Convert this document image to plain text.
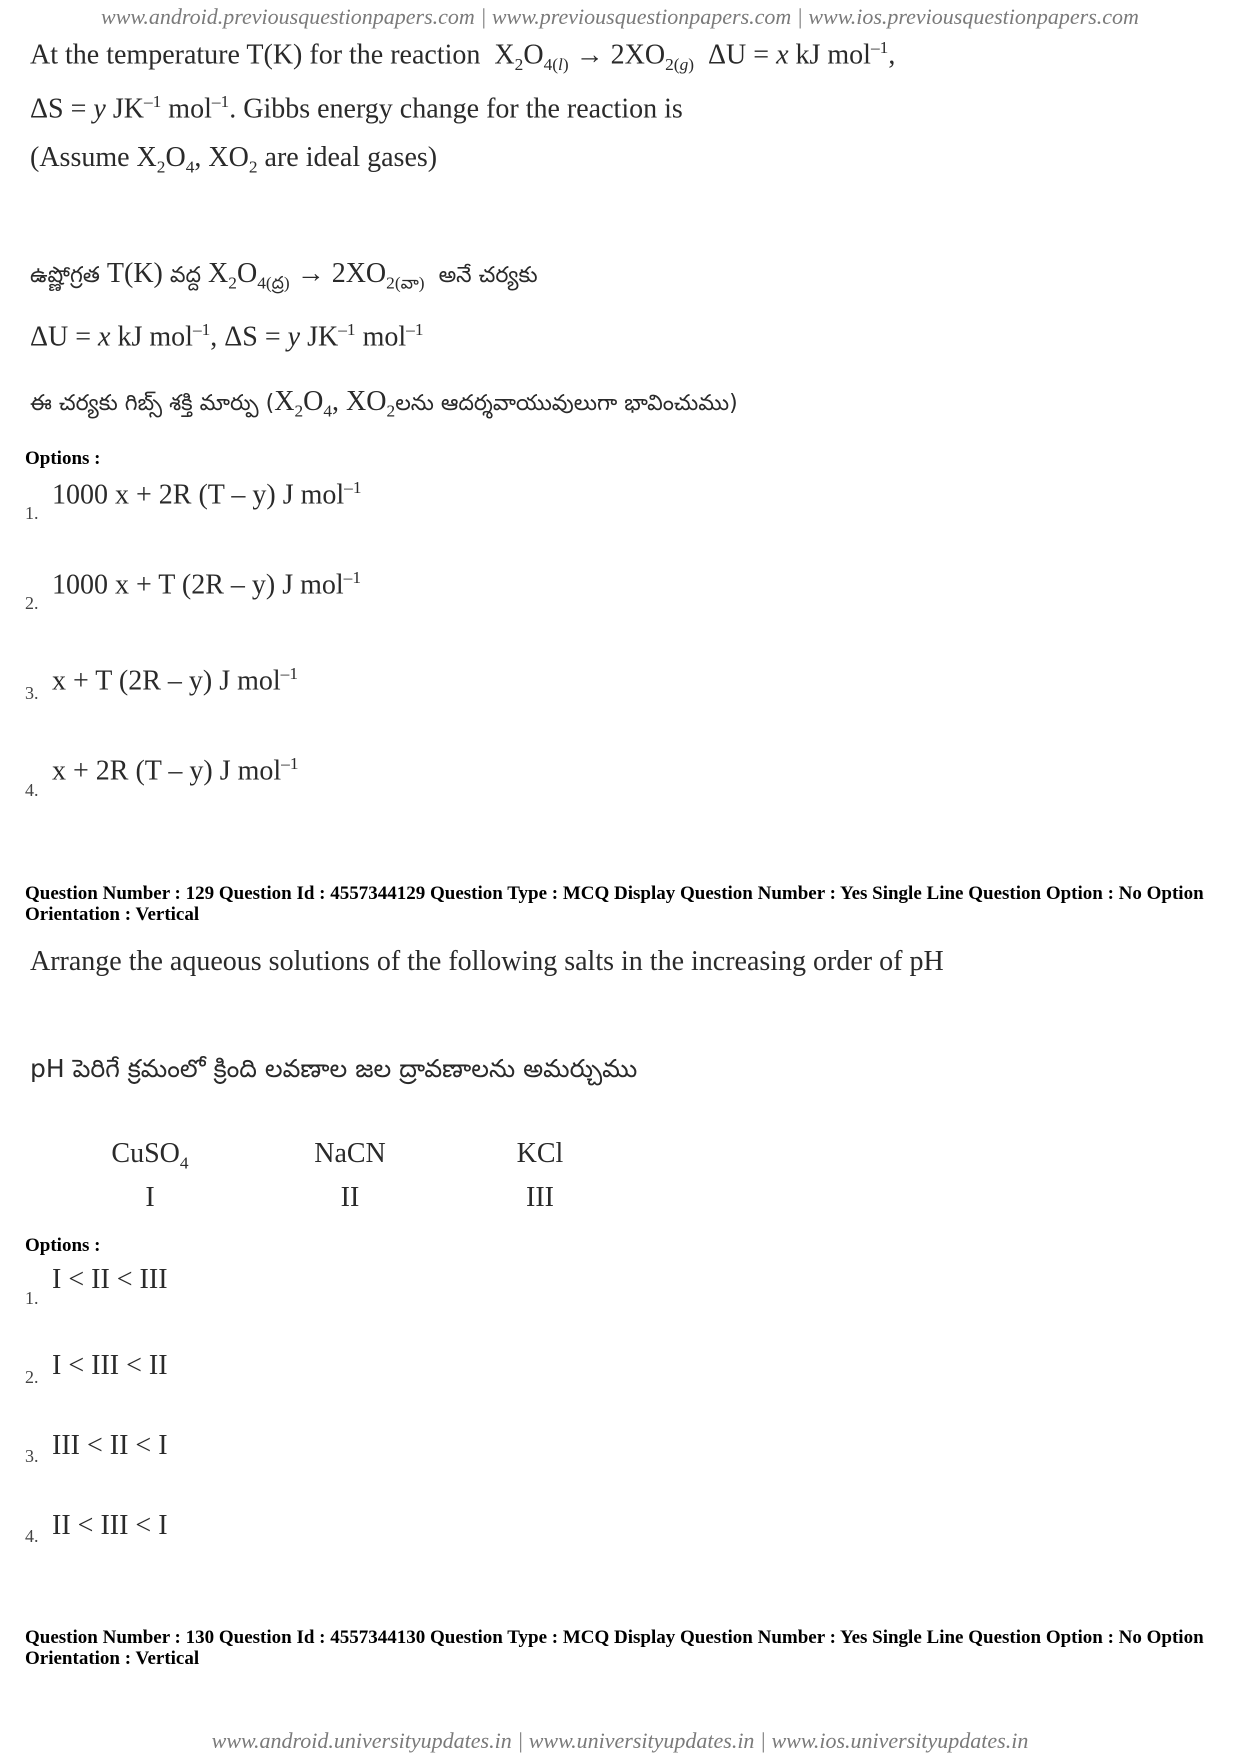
www.android.previousquestionpapers.com | www.previousquestionpapers.com | www.ios.previousquestionpapers.com
At the temperature T(K) for the reaction  $X_2O_{4(l)} \to 2XO_{2(g)}$  ΔU = x kJ mol$^{-1}$,
ΔS = y $JK^{-1}$ mol$^{-1}$. Gibbs energy change for the reaction is
(Assume $X_2O_4$, $XO_2$ are ideal gases)
ఉష్ణోగ్రత T(K) వద్ద $X_2O_{4(ద్ర)} \to 2XO_{2(వా)}$  అనే చర్యకు
ΔU = x kJ mol$^{-1}$, ΔS = y $JK^{-1}$ mol$^{-1}$
ఈ చర్యకు గిబ్స్ శక్తి మార్పు ($X_2O_4$, $XO_2లను$ ఆదర్శవాయువులుగా భావించుము)
Options :
1.
1000 x + 2R (T – y) J mol$^{-1}$
2.
1000 x + T (2R – y) J mol$^{-1}$
3. x + T (2R – y) J mol$^{-1}$
4.
x + 2R (T – y) J mol$^{-1}$
Question Number : 129 Question Id : 4557344129 Question Type : MCQ Display Question Number : Yes Single Line Question Option : No Option Orientation : Vertical
Arrange the aqueous solutions of the following salts in the increasing order of pH
pH పెరిగే క్రమంలో క్రింది లవణాల జల ద్రావణాలను అమర్చుము
CuSO$_4$
I
NaCN
II
KCl
III
Options :
1.
I < II < III
2. I < III < II
3. III < II < I
4. II < III < I
Question Number : 130 Question Id : 4557344130 Question Type : MCQ Display Question Number : Yes Single Line Question Option : No Option Orientation : Vertical
www.android.universityupdates.in | www.universityupdates.in | www.ios.universityupdates.in
